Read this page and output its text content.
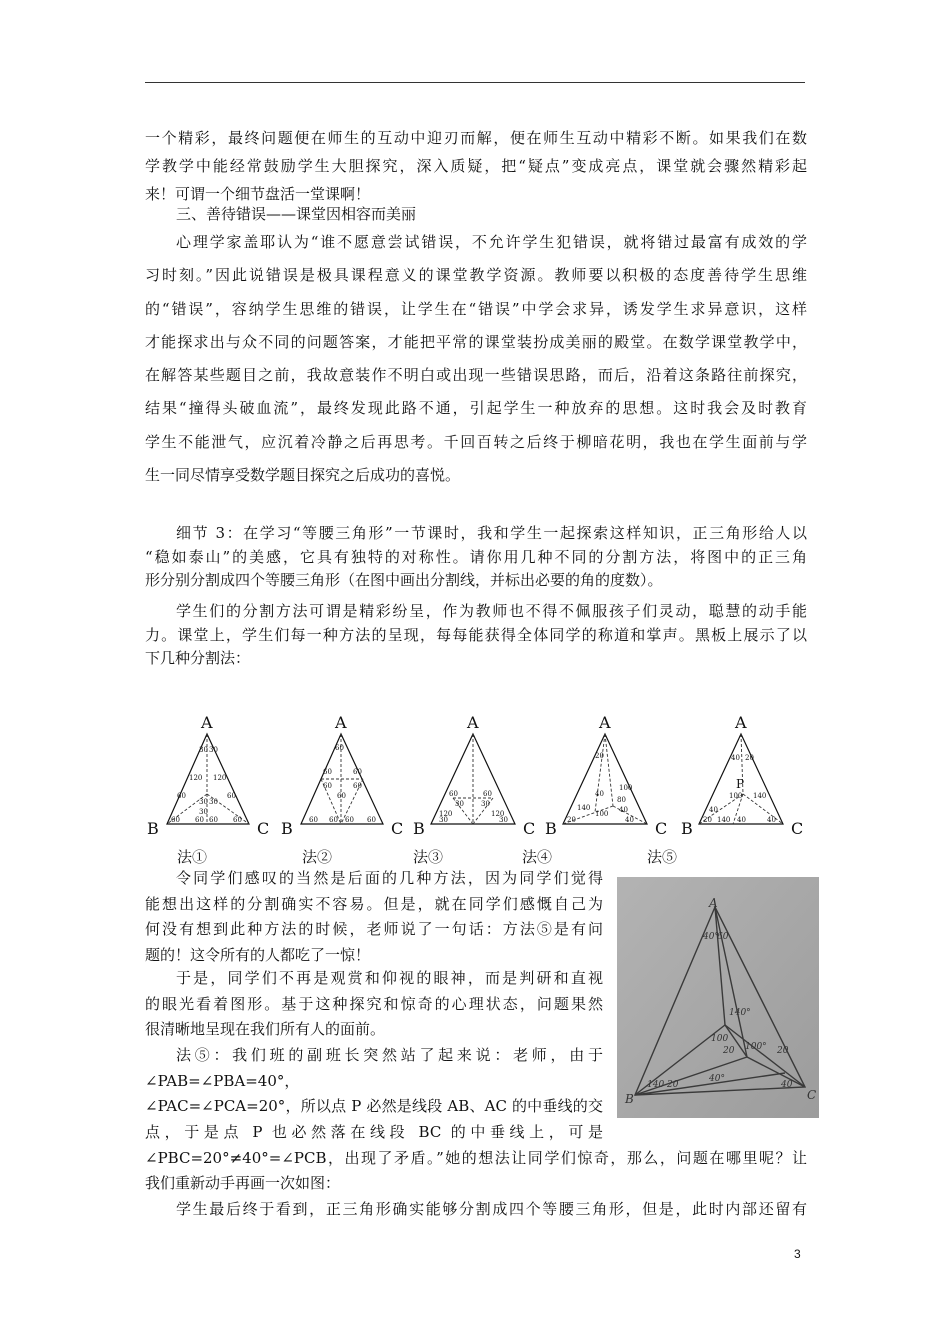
一个精彩，最终问题便在师生的互动中迎刃而解，便在师生互动中精彩不断。如果我们在数
学教学中能经常鼓励学生大胆探究，深入质疑，把“疑点”变成亮点，课堂就会骤然精彩起
来！可谓一个细节盘活一堂课啊！
三、善待错误——课堂因相容而美丽
心理学家盖耶认为“谁不愿意尝试错误，不允许学生犯错误，就将错过最富有成效的学
习时刻。”因此说错误是极具课程意义的课堂教学资源。教师要以积极的态度善待学生思维
的“错误”，容纳学生思维的错误，让学生在“错误”中学会求异，诱发学生求异意识，这样
才能探求出与众不同的问题答案，才能把平常的课堂装扮成美丽的殿堂。在数学课堂教学中，
在解答某些题目之前，我故意装作不明白或出现一些错误思路，而后，沿着这条路往前探究，
结果“撞得头破血流”，最终发现此路不通，引起学生一种放弃的思想。这时我会及时教育
学生不能泄气，应沉着冷静之后再思考。千回百转之后终于柳暗花明，我也在学生面前与学
生一同尽情享受数学题目探究之后成功的喜悦。
细节 3：在学习“等腰三角形”一节课时，我和学生一起探索这样知识，正三角形给人以
“稳如泰山”的美感，它具有独特的对称性。请你用几种不同的分割方法，将图中的正三角
形分别分割成四个等腰三角形（在图中画出分割线，并标出必要的角的度数）。
学生们的分割方法可谓是精彩纷呈，作为教师也不得不佩服孩子们灵动，聪慧的动手能
力。课堂上，学生们每一种方法的呈现，每每能获得全体同学的称道和掌声。黑板上展示了以
下几种分割法：
A
B	C
A
B	C
A
B	C
A
B	C
A
B	C
P
30 30
120 120
60	60
30 30
30
60 60 60 60
60
60	60
60	60
60
60 60 60 60
60	60
30 30
120	120
30	30
20
100
40
80
140	40
100
20	40
40 20
100 140
40
20 140 40	40
法①	法②	法③	法④	法⑤
令同学们感叹的当然是后面的几种方法，因为同学们觉得
能想出这样的分割确实不容易。但是，就在同学们感慨自己为
何没有想到此种方法的时候，老师说了一句话：方法⑤是有问
题的！这令所有的人都吃了一惊！
于是，同学们不再是观赏和仰视的眼神，而是判研和直视
的眼光看着图形。基于这种探究和惊奇的心理状态，问题果然
很清晰地呈现在我们所有人的面前。
法⑤：我们班的副班长突然站了起来说：老师，由于
∠PAB=∠PBA=40°，
∠PAC=∠PCA=20°，所以点 P 必然是线段 AB、AC 的中垂线的交
A
B	C
40°
60
140°
100
20 100° 20
140 20
40°
40
点，于是点 P 也必然落在线段 BC 的中垂线上，可是
∠PBC=20°≠40°=∠PCB，出现了矛盾。”她的想法让同学们惊奇，那么，问题在哪里呢？让
我们重新动手再画一次如图：
学生最后终于看到，正三角形确实能够分割成四个等腰三角形，但是，此时内部还留有
3
